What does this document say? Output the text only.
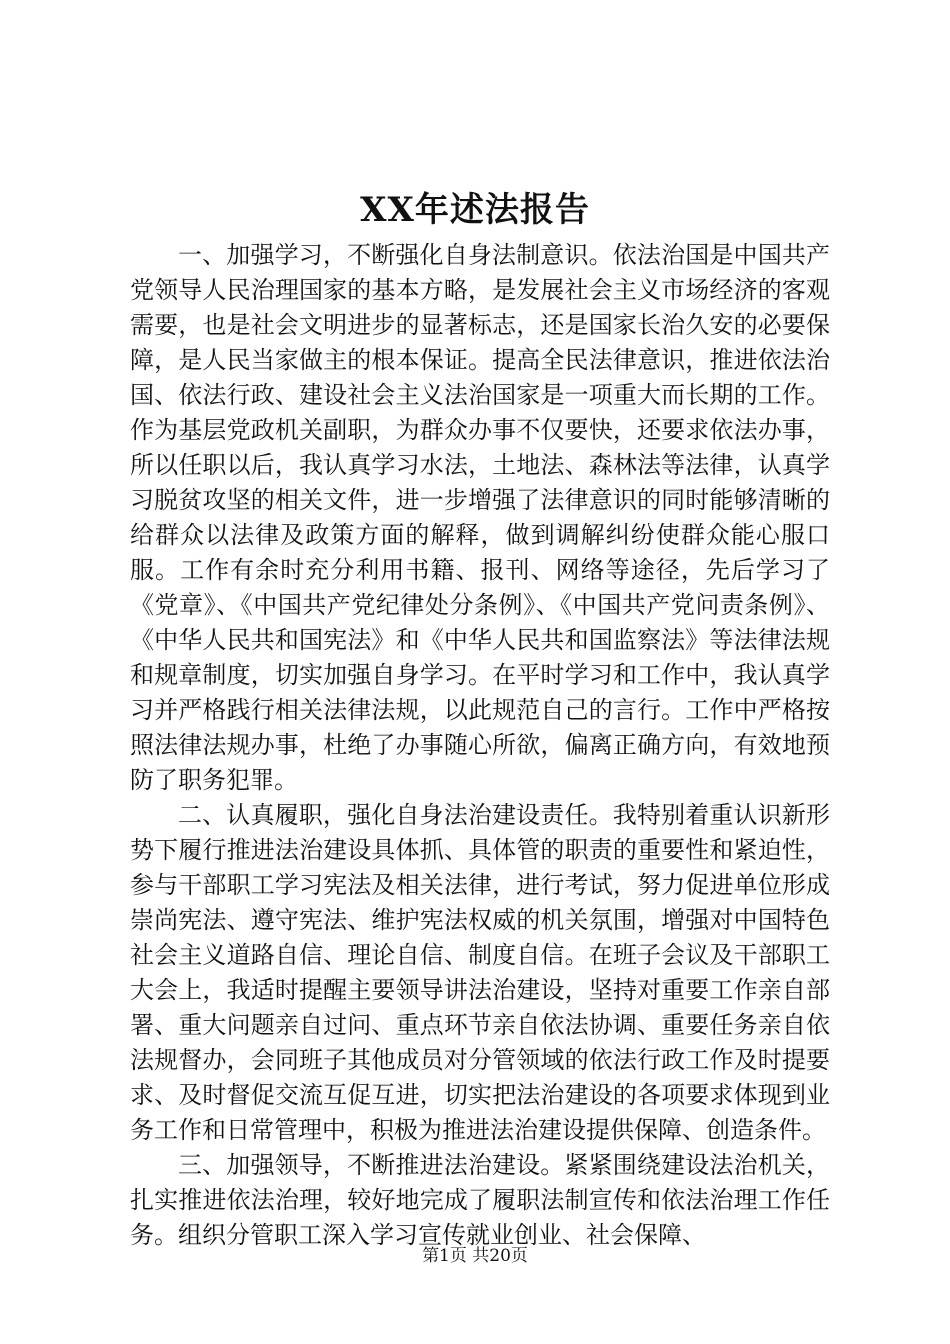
XX年述法报告

一、加强学习，不断强化自身法制意识。依法治国是中国共产党领导人民治理国家的基本方略，是发展社会主义市场经济的客观需要，也是社会文明进步的显著标志，还是国家长治久安的必要保障，是人民当家做主的根本保证。提高全民法律意识，推进依法治国、依法行政、建设社会主义法治国家是一项重大而长期的工作。作为基层党政机关副职，为群众办事不仅要快，还要求依法办事，所以任职以后，我认真学习水法，土地法、森林法等法律，认真学习脱贫攻坚的相关文件，进一步增强了法律意识的同时能够清晰的给群众以法律及政策方面的解释，做到调解纠纷使群众能心服口服。工作有余时充分利用书籍、报刊、网络等途径，先后学习了《党章》、《中国共产党纪律处分条例》、《中国共产党问责条例》、《中华人民共和国宪法》和《中华人民共和国监察法》等法律法规和规章制度，切实加强自身学习。在平时学习和工作中，我认真学习并严格践行相关法律法规，以此规范自己的言行。工作中严格按照法律法规办事，杜绝了办事随心所欲，偏离正确方向，有效地预防了职务犯罪。

二、认真履职，强化自身法治建设责任。我特别着重认识新形势下履行推进法治建设具体抓、具体管的职责的重要性和紧迫性，参与干部职工学习宪法及相关法律，进行考试，努力促进单位形成崇尚宪法、遵守宪法、维护宪法权威的机关氛围，增强对中国特色社会主义道路自信、理论自信、制度自信。在班子会议及干部职工大会上，我适时提醒主要领导讲法治建设，坚持对重要工作亲自部署、重大问题亲自过问、重点环节亲自依法协调、重要任务亲自依法规督办，会同班子其他成员对分管领域的依法行政工作及时提要求、及时督促交流互促互进，切实把法治建设的各项要求体现到业务工作和日常管理中，积极为推进法治建设提供保障、创造条件。

三、加强领导，不断推进法治建设。紧紧围绕建设法治机关，扎实推进依法治理，较好地完成了履职法制宣传和依法治理工作任务。组织分管职工深入学习宣传就业创业、社会保障、

第1页 共20页
